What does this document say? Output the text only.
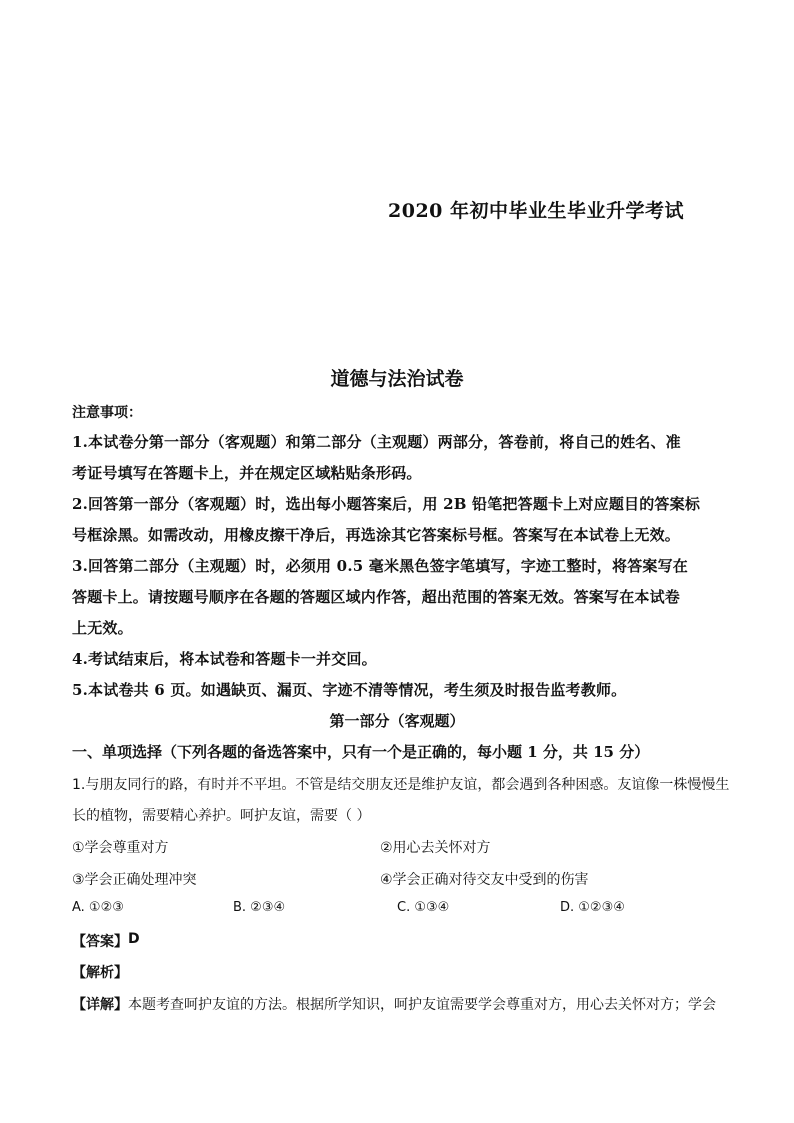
2020 年初中毕业生毕业升学考试
道德与法治试卷
注意事项：
1.本试卷分第一部分（客观题）和第二部分（主观题）两部分，答卷前，将自己的姓名、准
考证号填写在答题卡上，并在规定区域粘贴条形码。
2.回答第一部分（客观题）时，选出每小题答案后，用 2B 铅笔把答题卡上对应题目的答案标
号框涂黑。如需改动，用橡皮擦干净后，再选涂其它答案标号框。答案写在本试卷上无效。
3.回答第二部分（主观题）时，必须用 0.5 毫米黑色签字笔填写，字迹工整时，将答案写在
答题卡上。请按题号顺序在各题的答题区域内作答，超出范围的答案无效。答案写在本试卷
上无效。
4.考试结束后，将本试卷和答题卡一并交回。
5.本试卷共 6 页。如遇缺页、漏页、字迹不清等情况，考生须及时报告监考教师。
第一部分（客观题）
一、单项选择（下列各题的备选答案中，只有一个是正确的，每小题 1 分，共 15 分）
1.与朋友同行的路，有时并不平坦。不管是结交朋友还是维护友谊，都会遇到各种困惑。友谊像一株慢慢生
长的植物，需要精心养护。呵护友谊，需要（ ）
①学会尊重对方	②用心去关怀对方
③学会正确处理冲突	④学会正确对待交友中受到的伤害
A. ①②③	B. ②③④	C. ①③④	D. ①②③④
【答案】 D
【解析】
【详解】 本题考查呵护友谊的方法。根据所学知识，呵护友谊需要学会尊重对方，用心去关怀对方；学会
